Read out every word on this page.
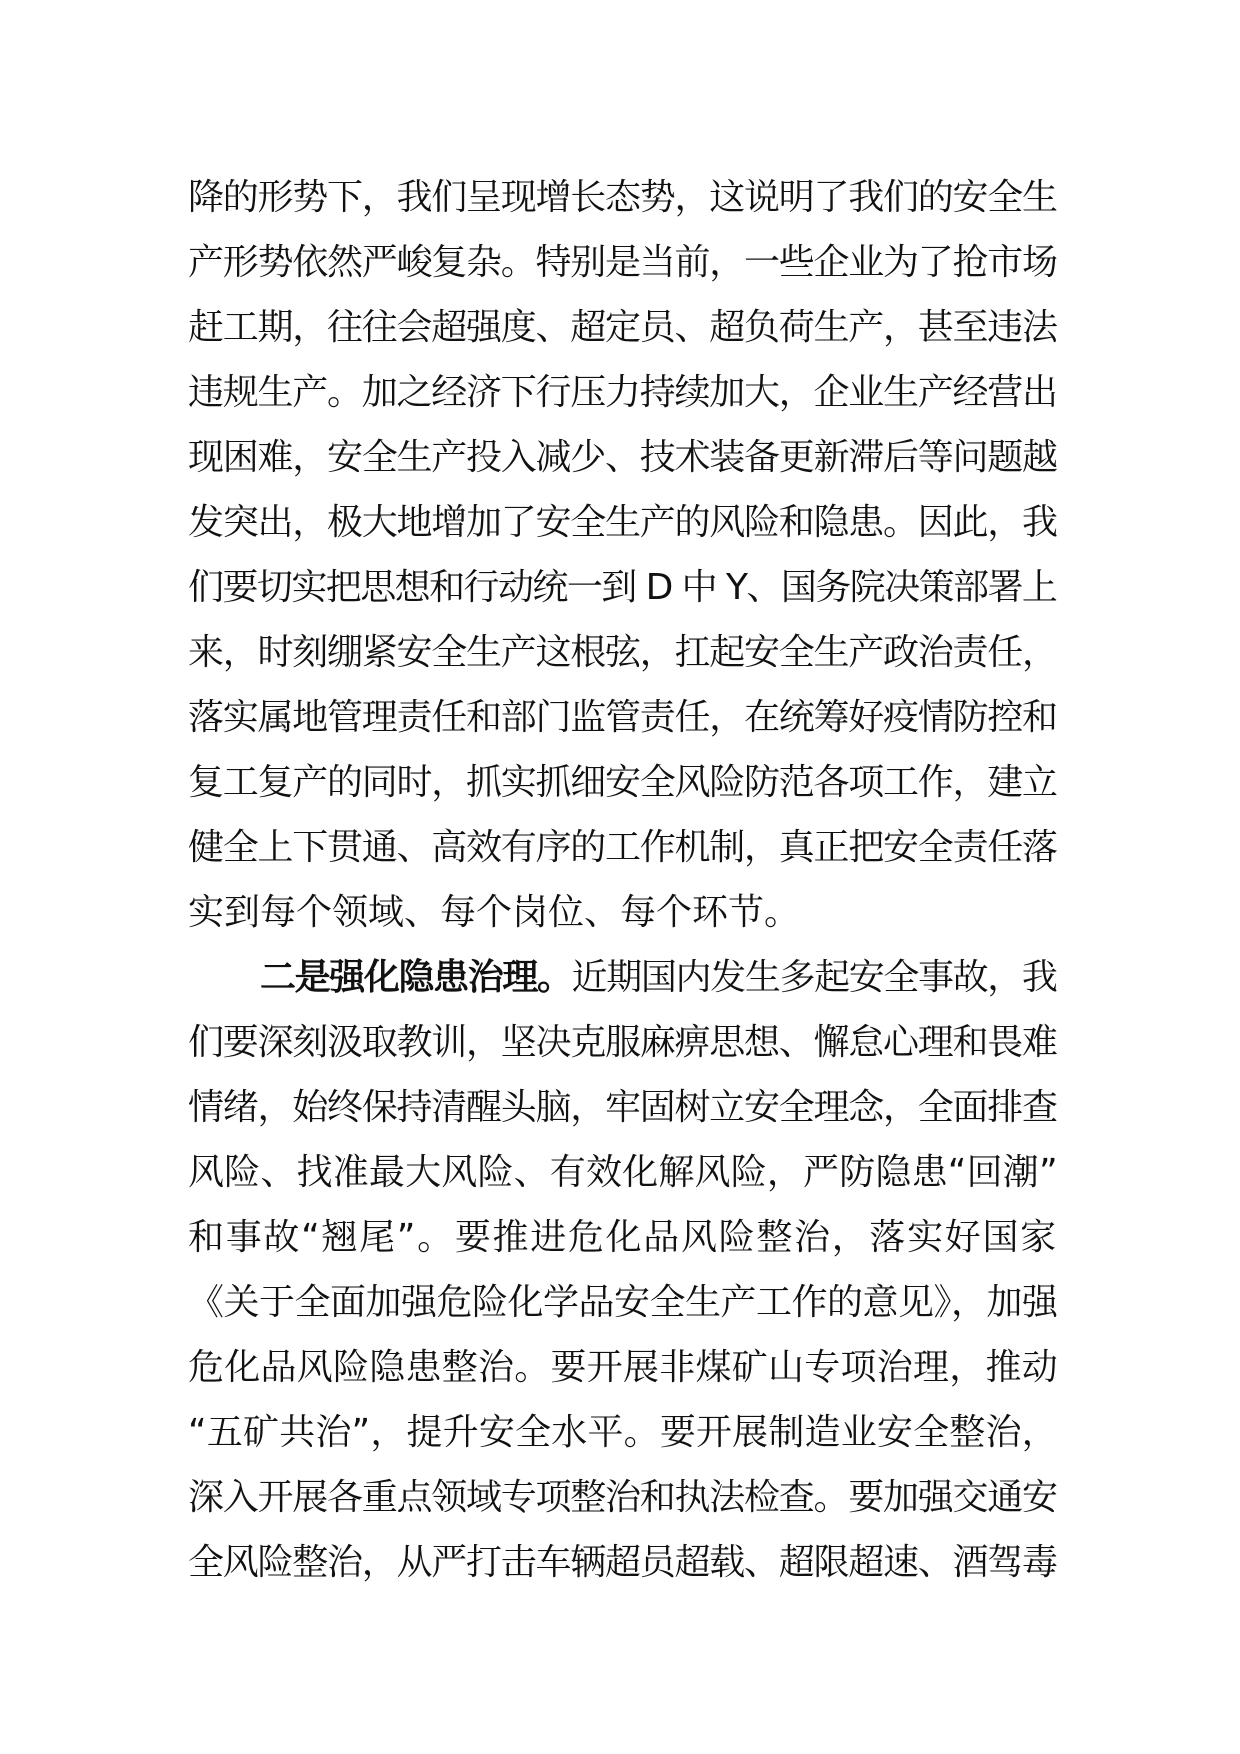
降的形势下，我们呈现增长态势，这说明了我们的安全生
产形势依然严峻复杂。特别是当前，一些企业为了抢市场
赶工期，往往会超强度、超定员、超负荷生产，甚至违法
违规生产。加之经济下行压力持续加大，企业生产经营出
现困难，安全生产投入减少、技术装备更新滞后等问题越
发突出，极大地增加了安全生产的风险和隐患。因此，我
们要切实把思想和行动统一到 D 中 Y、国务院决策部署上
来，时刻绷紧安全生产这根弦，扛起安全生产政治责任，
落实属地管理责任和部门监管责任，在统筹好疫情防控和
复工复产的同时，抓实抓细安全风险防范各项工作，建立
健全上下贯通、高效有序的工作机制，真正把安全责任落
实到每个领域、每个岗位、每个环节。
二是强化隐患治理。近期国内发生多起安全事故，我
们要深刻汲取教训，坚决克服麻痹思想、懈怠心理和畏难
情绪，始终保持清醒头脑，牢固树立安全理念，全面排查
风险、找准最大风险、有效化解风险，严防隐患“回潮”
和事故“翘尾”。要推进危化品风险整治，落实好国家
《关于全面加强危险化学品安全生产工作的意见》，加强
危化品风险隐患整治。要开展非煤矿山专项治理，推动
“五矿共治”，提升安全水平。要开展制造业安全整治，
深入开展各重点领域专项整治和执法检查。要加强交通安
全风险整治，从严打击车辆超员超载、超限超速、酒驾毒
